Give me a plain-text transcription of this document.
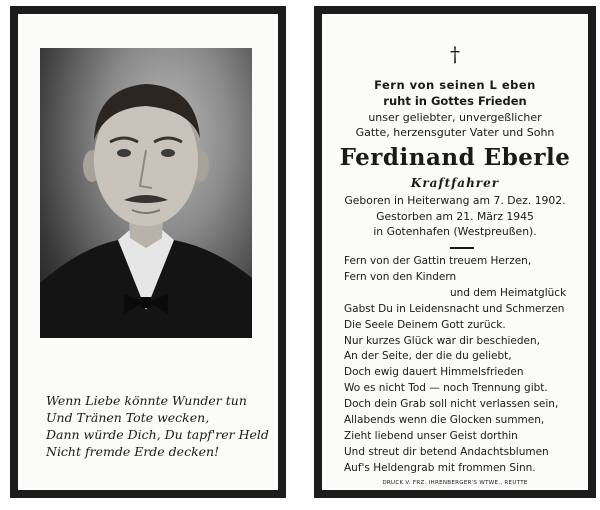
Wenn Liebe könnte Wunder tun
Und Tränen Tote wecken,
Dann würde Dich, Du tapf'rer Held
Nicht fremde Erde decken!
†
Fern von seinen L eben
ruht in Gottes Frieden
unser geliebter, unvergeßlicher
Gatte, herzensguter Vater und Sohn
Ferdinand Eberle
Kraftfahrer
Geboren in Heiterwang am 7. Dez. 1902.
Gestorben am 21. März 1945
in Gotenhafen (Westpreußen).
Fern von der Gattin treuem Herzen,
Fern von den Kindern
und dem Heimatglück
Gabst Du in Leidensnacht und Schmerzen
Die Seele Deinem Gott zurück.
Nur kurzes Glück war dir beschieden,
An der Seite, der die du geliebt,
Doch ewig dauert Himmelsfrieden
Wo es nicht Tod — noch Trennung gibt.
Doch dein Grab soll nicht verlassen sein,
Allabends wenn die Glocken summen,
Zieht liebend unser Geist dorthin
Und streut dir betend Andachtsblumen
Auf's Heldengrab mit frommen Sinn.
DRUCK V. FRZ. IHRENBERGER'S WTWE., REUTTE
